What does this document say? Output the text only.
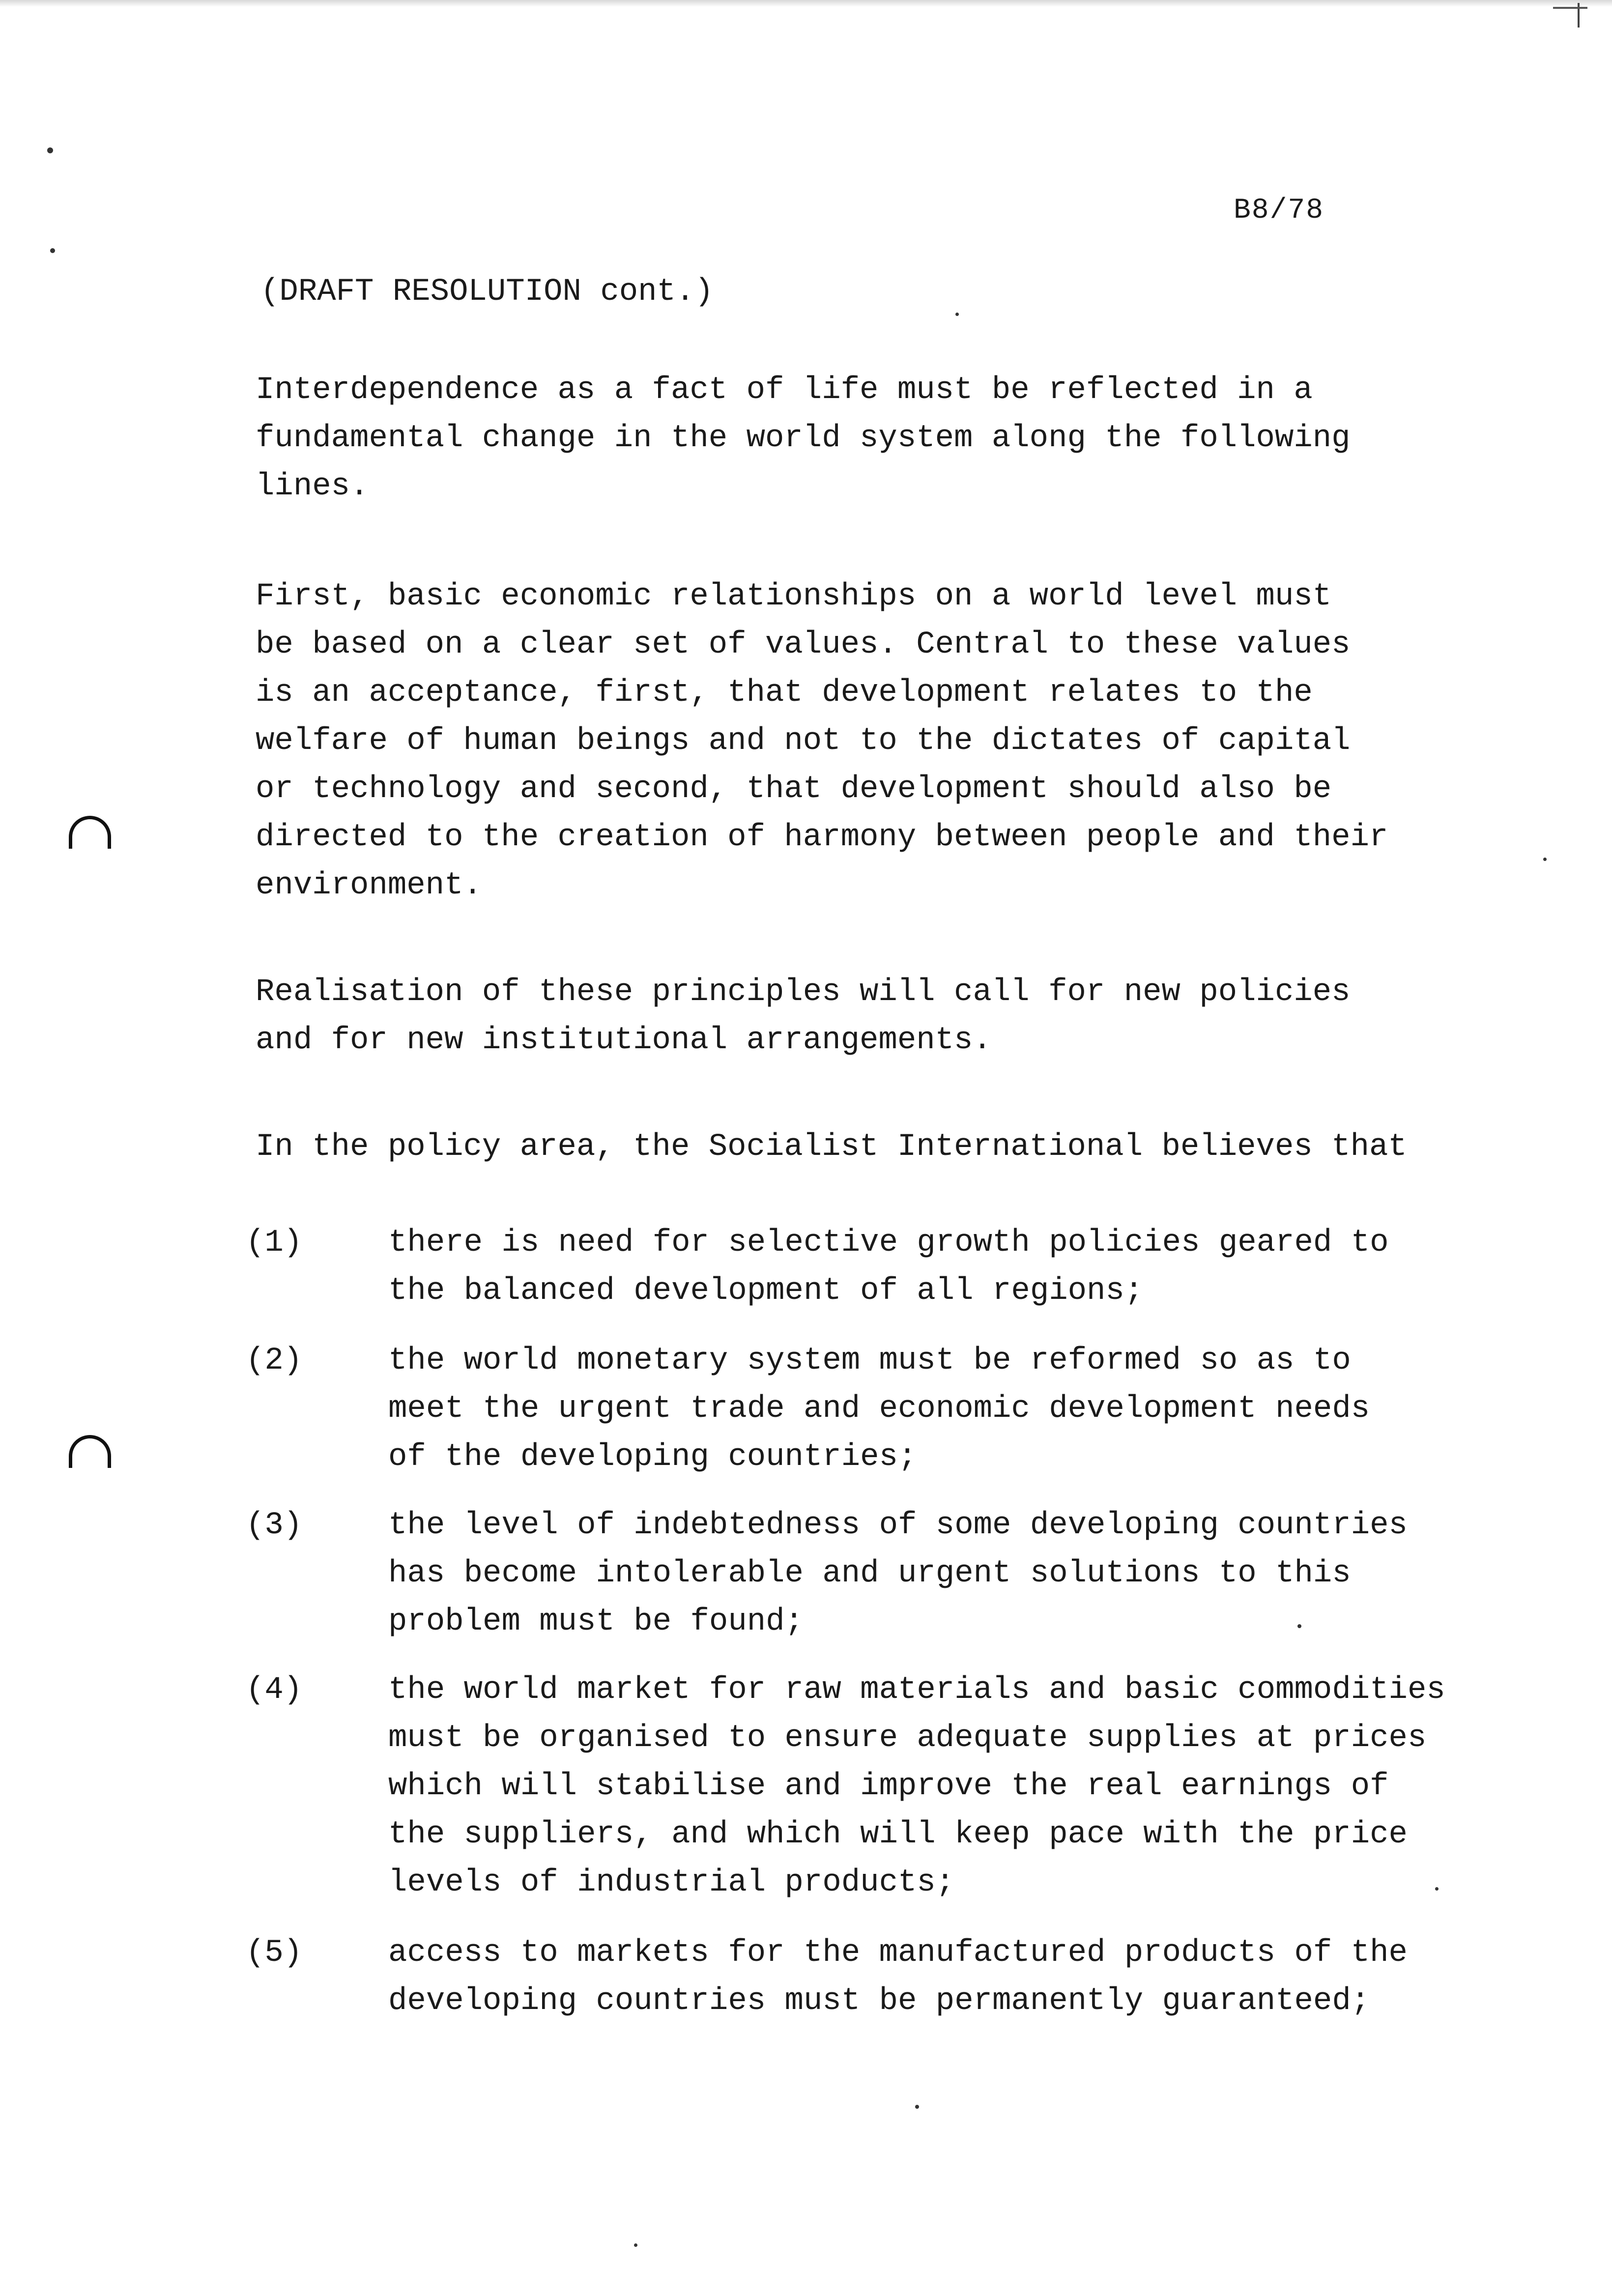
B8/78
(DRAFT RESOLUTION cont.)

Interdependence as a fact of life must be reflected in a

fundamental change in the world system along the following

lines.

First, basic economic relationships on a world level must

be based on a clear set of values. Central to these values

is an acceptance, first, that development relates to the

welfare of human beings and not to the dictates of capital

or technology and second, that development should also be

directed to the creation of harmony between people and their

environment.

Realisation of these principles will call for new policies

and for new institutional arrangements.

In the policy area, the Socialist International believes that

(1)	there is need for selective growth policies geared to

the balanced development of all regions;

(2)	the world monetary system must be reformed so as to

meet the urgent trade and economic development needs

of the developing countries;

(3)	the level of indebtedness of some developing countries

has become intolerable and urgent solutions to this

problem must be found;

(4)	the world market for raw materials and basic commodities

must be organised to ensure adequate supplies at prices

which will stabilise and improve the real earnings of

the suppliers, and which will keep pace with the price

levels of industrial products;

(5)	access to markets for the manufactured products of the

developing countries must be permanently guaranteed;
